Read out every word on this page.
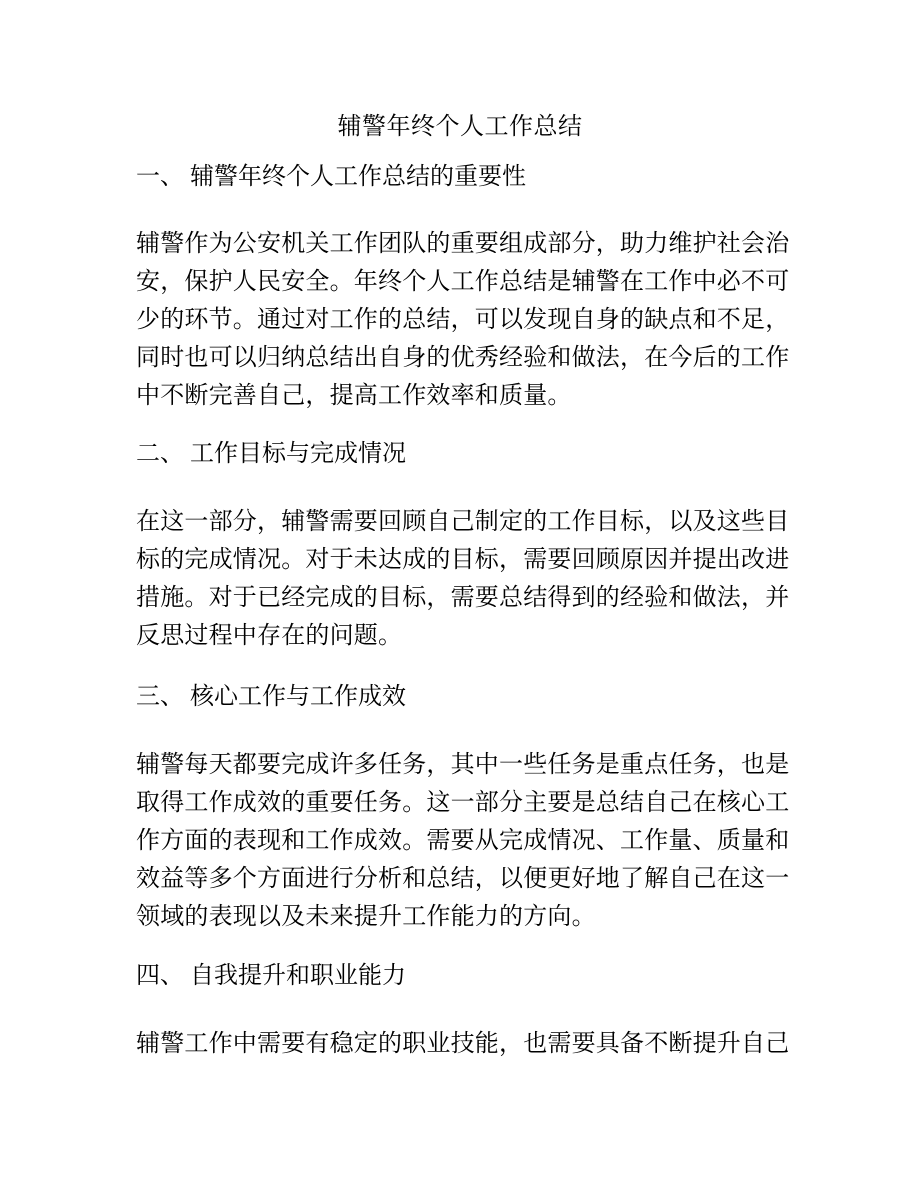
辅警年终个人工作总结
一、 辅警年终个人工作总结的重要性
辅警作为公安机关工作团队的重要组成部分，助力维护社会治
安，保护人民安全。年终个人工作总结是辅警在工作中必不可
少的环节。通过对工作的总结，可以发现自身的缺点和不足，
同时也可以归纳总结出自身的优秀经验和做法，在今后的工作
中不断完善自己，提高工作效率和质量。
二、 工作目标与完成情况
在这一部分，辅警需要回顾自己制定的工作目标，以及这些目
标的完成情况。对于未达成的目标，需要回顾原因并提出改进
措施。对于已经完成的目标，需要总结得到的经验和做法，并
反思过程中存在的问题。
三、 核心工作与工作成效
辅警每天都要完成许多任务，其中一些任务是重点任务，也是
取得工作成效的重要任务。这一部分主要是总结自己在核心工
作方面的表现和工作成效。需要从完成情况、工作量、质量和
效益等多个方面进行分析和总结，以便更好地了解自己在这一
领域的表现以及未来提升工作能力的方向。
四、 自我提升和职业能力
辅警工作中需要有稳定的职业技能，也需要具备不断提升自己
